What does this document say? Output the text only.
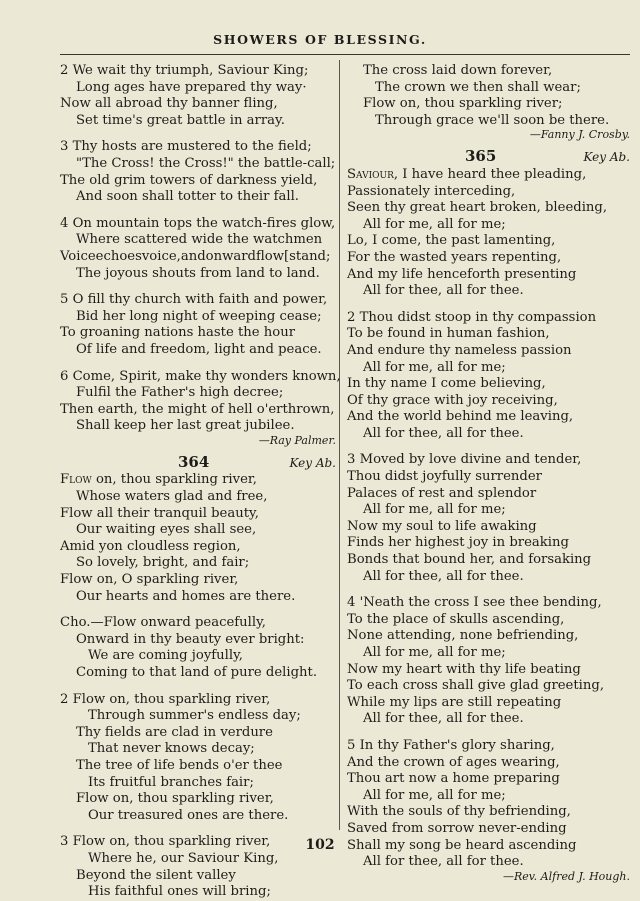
SHOWERS OF BLESSING.
2 We wait thy triumph, Saviour King;
Long ages have prepared thy way·
Now all abroad thy banner fling,
Set time's great battle in array.
3 Thy hosts are mustered to the field;
"The Cross! the Cross!" the battle-call;
The old grim towers of darkness yield,
And soon shall totter to their fall.
4 On mountain tops the watch-fires glow,
Where scattered wide the watchmen
Voiceechoesvoice,andonwardflow[stand;
The joyous shouts from land to land.
5 O fill thy church with faith and power,
Bid her long night of weeping cease;
To groaning nations haste the hour
Of life and freedom, light and peace.
6 Come, Spirit, make thy wonders known,
Fulfil the Father's high decree;
Then earth, the might of hell o'erthrown,
Shall keep her last great jubilee.
—Ray Palmer.
364	Key Ab.
Flow on, thou sparkling river,
Whose waters glad and free,
Flow all their tranquil beauty,
Our waiting eyes shall see,
Amid yon cloudless region,
So lovely, bright, and fair;
Flow on, O sparkling river,
Our hearts and homes are there.
Cho.—Flow onward peacefully,
Onward in thy beauty ever bright:
We are coming joyfully,
Coming to that land of pure delight.
2 Flow on, thou sparkling river,
Through summer's endless day;
Thy fields are clad in verdure
That never knows decay;
The tree of life bends o'er thee
Its fruitful branches fair;
Flow on, thou sparkling river,
Our treasured ones are there.
3 Flow on, thou sparkling river,
Where he, our Saviour King,
Beyond the silent valley
His faithful ones will bring;
The cross laid down forever,
The crown we then shall wear;
Flow on, thou sparkling river;
Through grace we'll soon be there.
—Fanny J. Crosby.
365	Key Ab.
Saviour, I have heard thee pleading,
Passionately interceding,
Seen thy great heart broken, bleeding,
All for me, all for me;
Lo, I come, the past lamenting,
For the wasted years repenting,
And my life henceforth presenting
All for thee, all for thee.
2 Thou didst stoop in thy compassion
To be found in human fashion,
And endure thy nameless passion
All for me, all for me;
In thy name I come believing,
Of thy grace with joy receiving,
And the world behind me leaving,
All for thee, all for thee.
3 Moved by love divine and tender,
Thou didst joyfully surrender
Palaces of rest and splendor
All for me, all for me;
Now my soul to life awaking
Finds her highest joy in breaking
Bonds that bound her, and forsaking
All for thee, all for thee.
4 'Neath the cross I see thee bending,
To the place of skulls ascending,
None attending, none befriending,
All for me, all for me;
Now my heart with thy life beating
To each cross shall give glad greeting,
While my lips are still repeating
All for thee, all for thee.
5 In thy Father's glory sharing,
And the crown of ages wearing,
Thou art now a home preparing
All for me, all for me;
With the souls of thy befriending,
Saved from sorrow never-ending
Shall my song be heard ascending
All for thee, all for thee.
—Rev. Alfred J. Hough.
102
